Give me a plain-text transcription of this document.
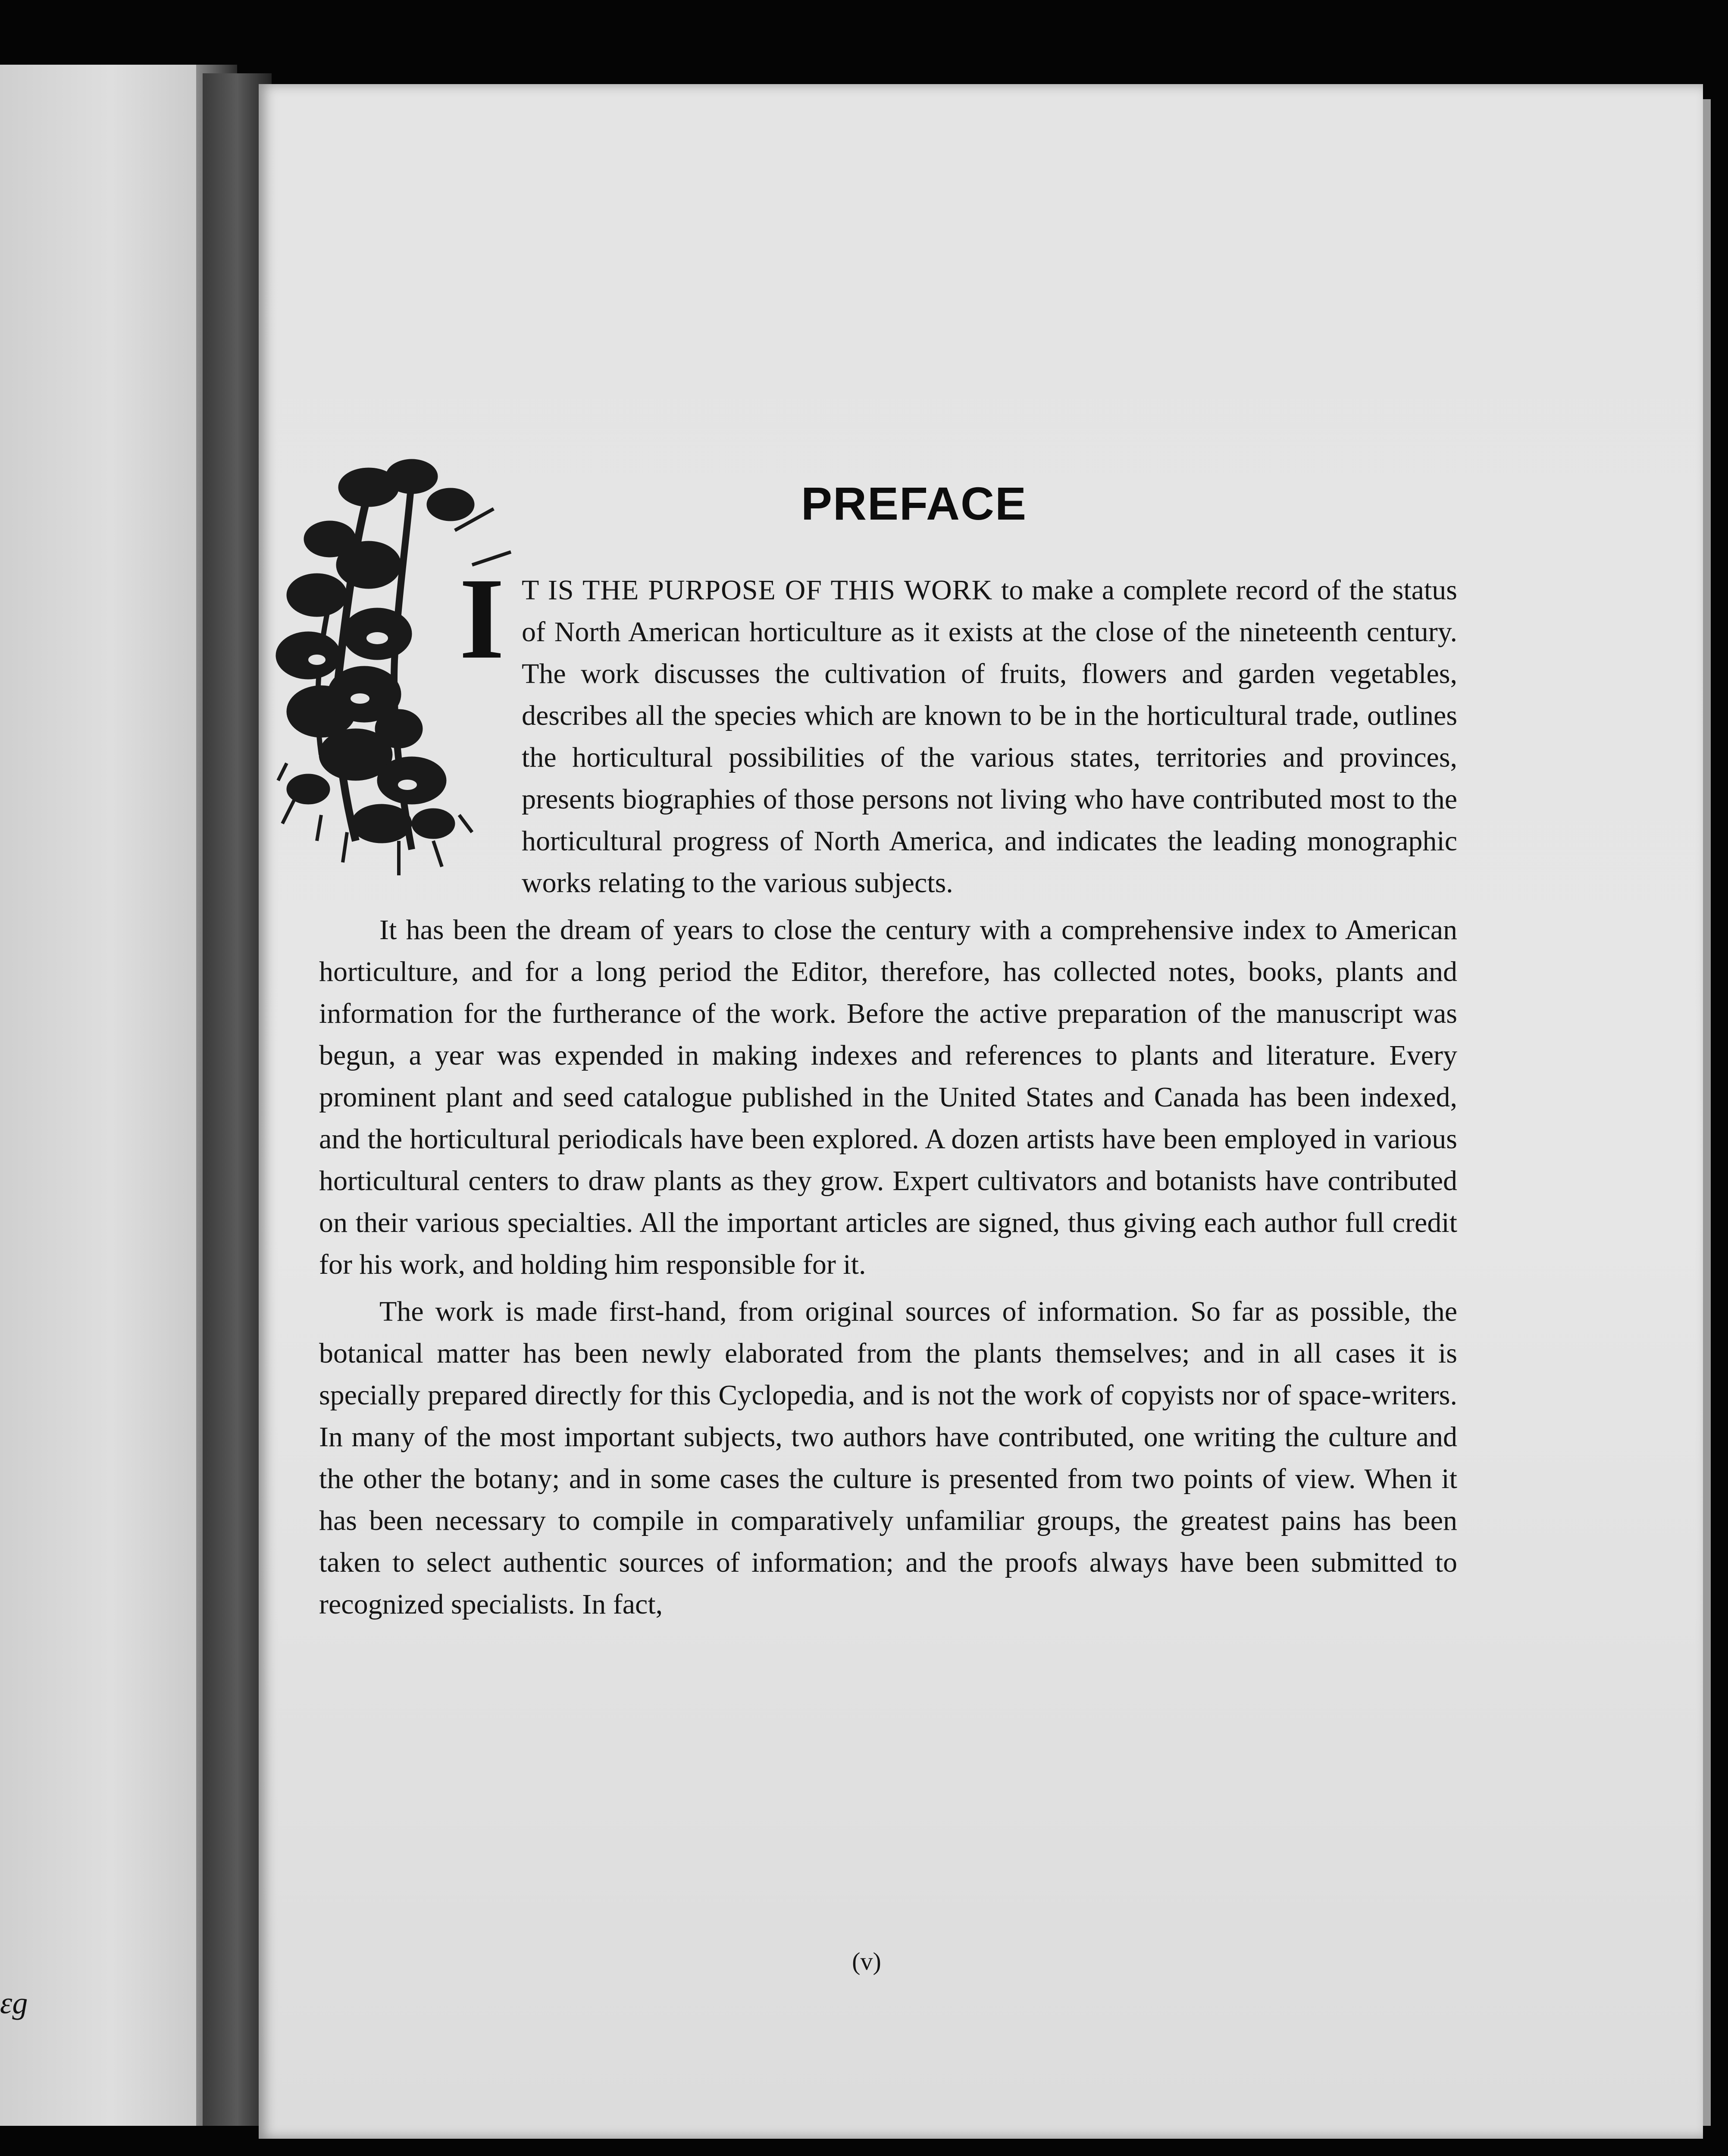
ɛg
PREFACE
I T IS THE PURPOSE OF THIS WORK to make a complete record of the status of North American horticulture as it exists at the close of the nineteenth century. The work discusses the cultivation of fruits, flowers and garden vegetables, describes all the species which are known to be in the horticultural trade, outlines the horticultural possibilities of the various states, territories and provinces, presents biographies of those persons not living who have contributed most to the horticultural progress of North America, and indicates the leading monographic works relating to the various subjects.

It has been the dream of years to close the century with a comprehensive index to American horticulture, and for a long period the Editor, therefore, has collected notes, books, plants and information for the furtherance of the work. Before the active preparation of the manuscript was begun, a year was expended in making indexes and references to plants and literature. Every prominent plant and seed catalogue published in the United States and Canada has been indexed, and the horticultural periodicals have been explored. A dozen artists have been employed in various horticultural centers to draw plants as they grow. Expert cultivators and botanists have contributed on their various specialties. All the important articles are signed, thus giving each author full credit for his work, and holding him responsible for it.

The work is made first-hand, from original sources of information. So far as possible, the botanical matter has been newly elaborated from the plants themselves; and in all cases it is specially prepared directly for this Cyclopedia, and is not the work of copyists nor of space-writers. In many of the most important subjects, two authors have contributed, one writing the culture and the other the botany; and in some cases the culture is presented from two points of view. When it has been necessary to compile in comparatively unfamiliar groups, the greatest pains has been taken to select authentic sources of information; and the proofs always have been submitted to recognized specialists. In fact,

(v)
